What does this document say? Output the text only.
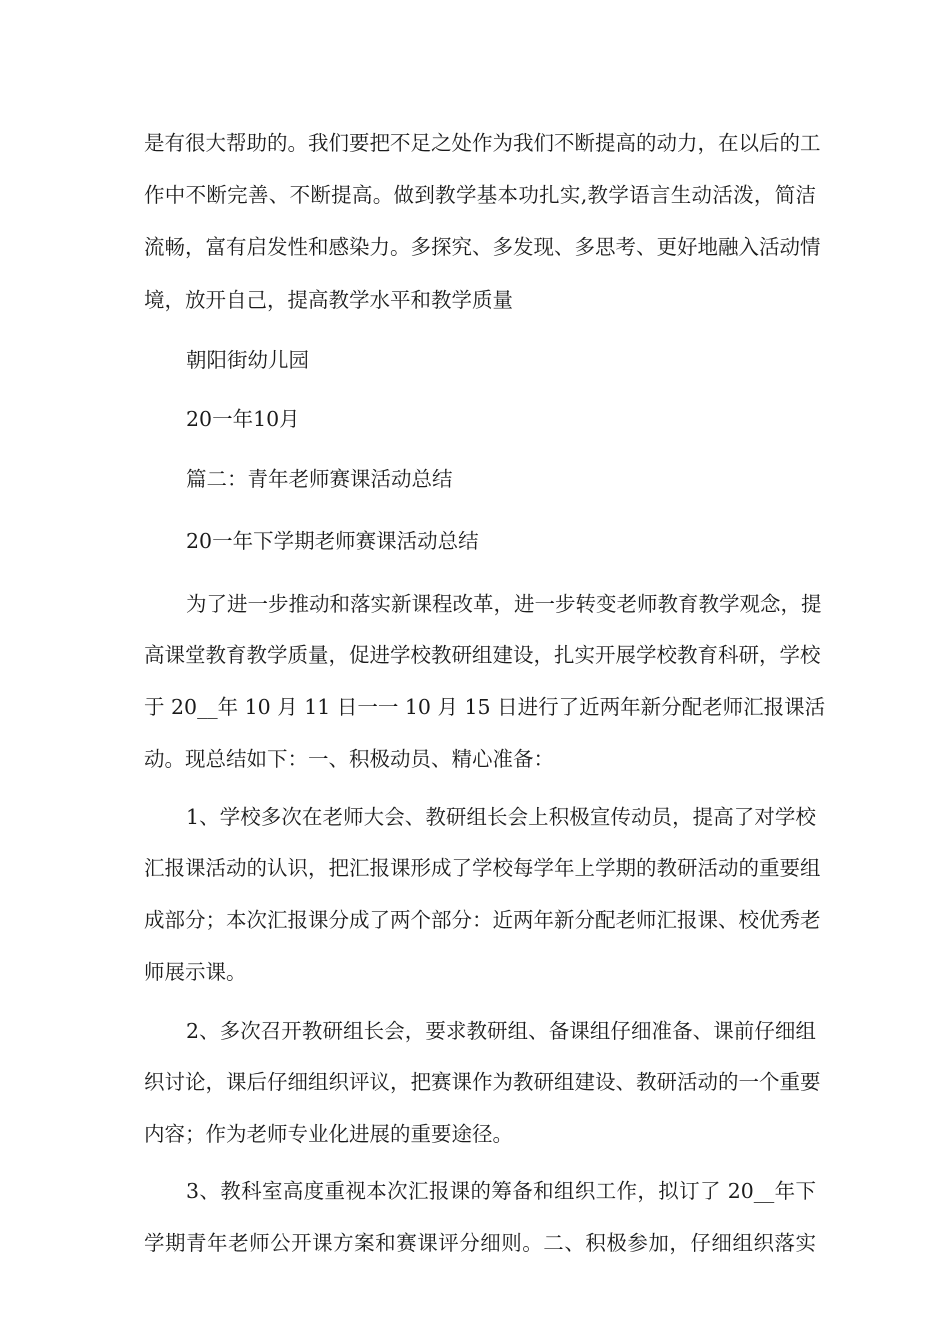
是有很大帮助的。我们要把不足之处作为我们不断提高的动力，在以后的工
作中不断完善、不断提高。做到教学基本功扎实,教学语言生动活泼，简洁
流畅，富有启发性和感染力。多探究、多发现、多思考、更好地融入活动情
境，放开自己，提高教学水平和教学质量
朝阳街幼儿园
20一年10月
篇二：青年老师赛课活动总结
20一年下学期老师赛课活动总结
为了进一步推动和落实新课程改革，进一步转变老师教育教学观念，提
高课堂教育教学质量，促进学校教研组建设，扎实开展学校教育科研，学校
于 20__年 10 月 11 日一一 10 月 15 日进行了近两年新分配老师汇报课活
动。现总结如下：一、积极动员、精心准备：
1、学校多次在老师大会、教研组长会上积极宣传动员，提高了对学校
汇报课活动的认识，把汇报课形成了学校每学年上学期的教研活动的重要组
成部分；本次汇报课分成了两个部分：近两年新分配老师汇报课、校优秀老
师展示课。
2、多次召开教研组长会，要求教研组、备课组仔细准备、课前仔细组
织讨论，课后仔细组织评议，把赛课作为教研组建设、教研活动的一个重要
内容；作为老师专业化进展的重要途径。
3、教科室高度重视本次汇报课的筹备和组织工作，拟订了 20__年下
学期青年老师公开课方案和赛课评分细则。二、积极参加，仔细组织落实
